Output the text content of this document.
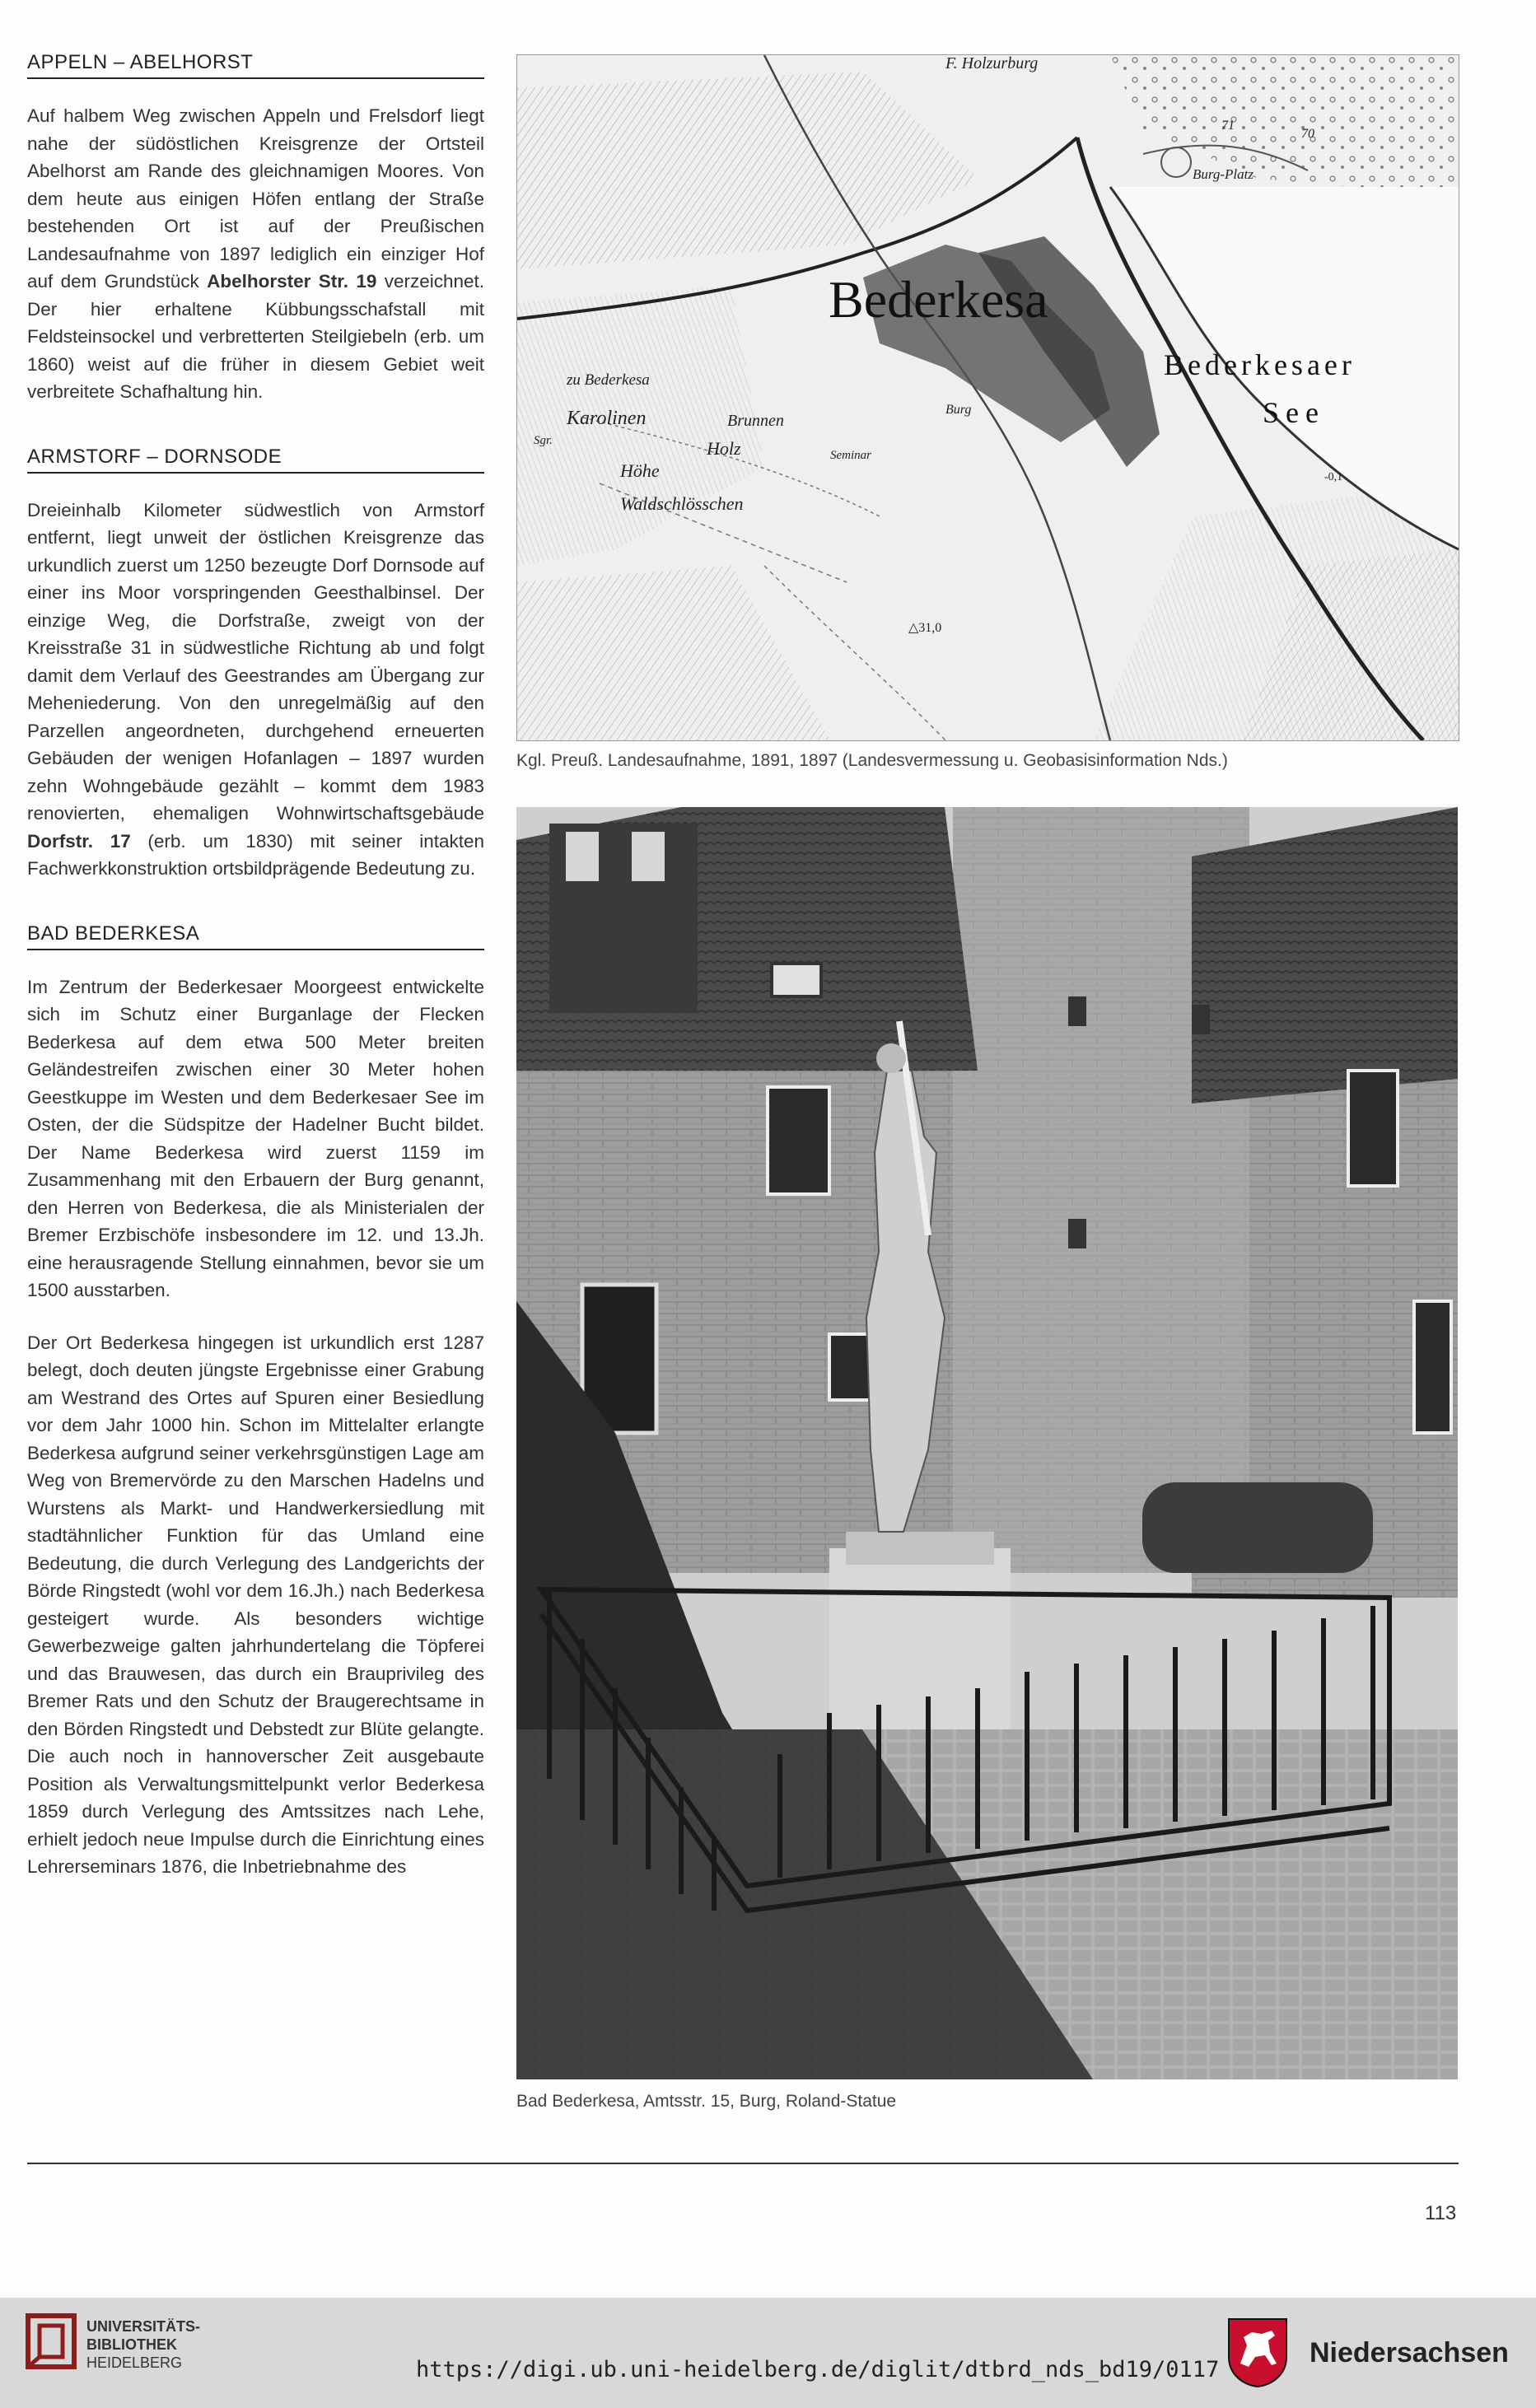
APPELN – ABELHORST

Auf halbem Weg zwischen Appeln und Frelsdorf liegt nahe der südöstlichen Kreisgrenze der Ortsteil Abelhorst am Rande des gleichnamigen Moores. Von dem heute aus einigen Höfen entlang der Straße bestehenden Ort ist auf der Preußischen Landesaufnahme von 1897 lediglich ein einziger Hof auf dem Grundstück Abelhorster Str. 19 verzeichnet. Der hier erhaltene Kübbungsschafstall mit Feldsteinsockel und verbretterten Steilgiebeln (erb. um 1860) weist auf die früher in diesem Gebiet weit verbreitete Schafhaltung hin.

ARMSTORF – DORNSODE

Dreieinhalb Kilometer südwestlich von Armstorf entfernt, liegt unweit der östlichen Kreisgrenze das urkundlich zuerst um 1250 bezeugte Dorf Dornsode auf einer ins Moor vorspringenden Geesthalbinsel. Der einzige Weg, die Dorfstraße, zweigt von der Kreisstraße 31 in südwestliche Richtung ab und folgt damit dem Verlauf des Geestrandes am Übergang zur Meheniederung. Von den unregelmäßig auf den Parzellen angeordneten, durchgehend erneuerten Gebäuden der wenigen Hofanlagen – 1897 wurden zehn Wohngebäude gezählt – kommt dem 1983 renovierten, ehemaligen Wohnwirtschaftsgebäude Dorfstr. 17 (erb. um 1830) mit seiner intakten Fachwerkkonstruktion ortsbildprägende Bedeutung zu.

BAD BEDERKESA

Im Zentrum der Bederkesaer Moorgeest entwickelte sich im Schutz einer Burganlage der Flecken Bederkesa auf dem etwa 500 Meter breiten Geländestreifen zwischen einer 30 Meter hohen Geestkuppe im Westen und dem Bederkesaer See im Osten, der die Südspitze der Hadelner Bucht bildet. Der Name Bederkesa wird zuerst 1159 im Zusammenhang mit den Erbauern der Burg genannt, den Herren von Bederkesa, die als Ministerialen der Bremer Erzbischöfe insbesondere im 12. und 13.Jh. eine herausragende Stellung einnahmen, bevor sie um 1500 ausstarben.

Der Ort Bederkesa hingegen ist urkundlich erst 1287 belegt, doch deuten jüngste Ergebnisse einer Grabung am Westrand des Ortes auf Spuren einer Besiedlung vor dem Jahr 1000 hin. Schon im Mittelalter erlangte Bederkesa aufgrund seiner verkehrsgünstigen Lage am Weg von Bremervörde zu den Marschen Hadelns und Wurstens als Markt- und Handwerkersiedlung mit stadtähnlicher Funktion für das Umland eine Bedeutung, die durch Verlegung des Landgerichts der Börde Ringstedt (wohl vor dem 16.Jh.) nach Bederkesa gesteigert wurde. Als besonders wichtige Gewerbezweige galten jahrhundertelang die Töpferei und das Brauwesen, das durch ein Brauprivileg des Bremer Rats und den Schutz der Braugerechtsame in den Börden Ringstedt und Debstedt zur Blüte gelangte. Die auch noch in hannoverscher Zeit ausgebaute Position als Verwaltungsmittelpunkt verlor Bederkesa 1859 durch Verlegung des Amtssitzes nach Lehe, erhielt jedoch neue Impulse durch die Einrichtung eines Lehrerseminars 1876, die Inbetriebnahme des

Bederkesa
Bederkesaer
See
F. Holzurburg
Burg-Platz
71
70
zu Bederkesa
Karolinen
Höhe
Brunnen
Holz	Seminar
Burg
Waldschlösschen
△31,0
-0,1
Sgr.
Kgl. Preuß. Landesaufnahme, 1891, 1897 (Landesvermessung u. Geobasisinformation Nds.)
Bad Bederkesa, Amtsstr. 15, Burg, Roland-Statue
113
UNIVERSITÄTS-
BIBLIOTHEK
HEIDELBERG	https://digi.ub.uni-heidelberg.de/diglit/dtbrd_nds_bd19/0117
Niedersachsen
